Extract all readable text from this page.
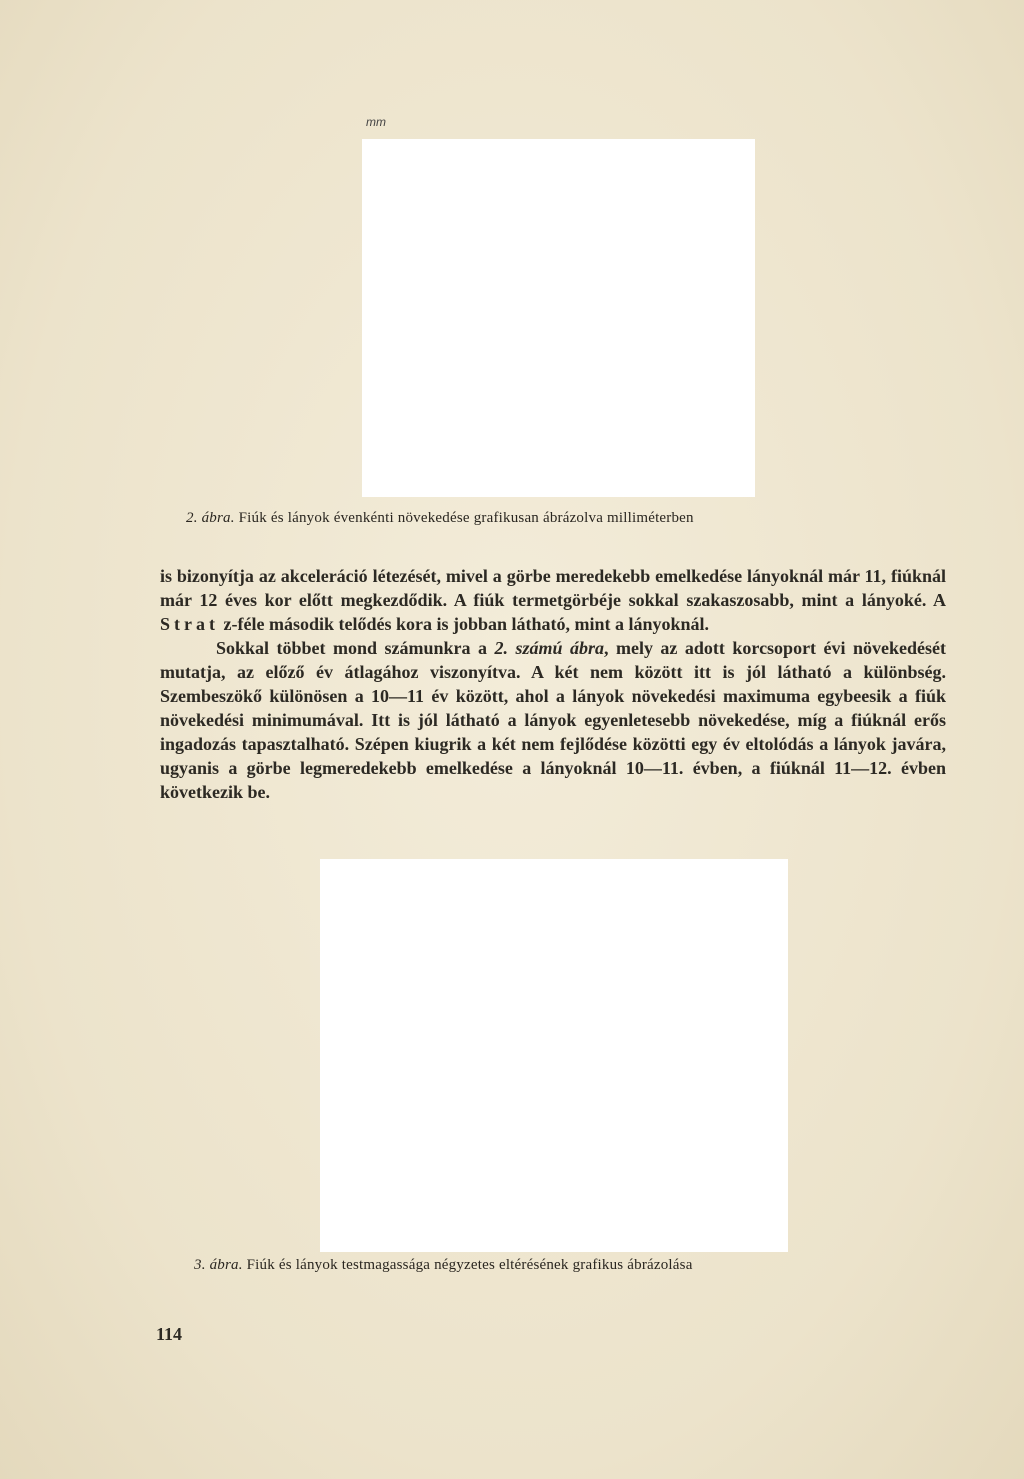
mm
2. ábra. Fiúk és lányok évenkénti növekedése grafikusan ábrázolva milliméterben

is bizonyítja az akceleráció létezését, mivel a görbe meredekebb emelkedése lányoknál már 11, fiúknál már 12 éves kor előtt megkezdődik. A fiúk termetgörbéje sokkal szakaszosabb, mint a lányoké. A Strat z-féle második telődés kora is jobban látható, mint a lányoknál.

Sokkal többet mond számunkra a 2. számú ábra, mely az adott korcsoport évi növekedését mutatja, az előző év átlagához viszonyítva. A két nem között itt is jól látható a különbség. Szembeszökő különösen a 10—11 év között, ahol a lányok növekedési maximuma egybeesik a fiúk növekedési minimumával. Itt is jól látható a lányok egyenletesebb növekedése, míg a fiúknál erős ingadozás tapasztalható. Szépen kiugrik a két nem fejlődése közötti egy év eltolódás a lányok javára, ugyanis a görbe legmeredekebb emelkedése a lányoknál 10—11. évben, a fiúknál 11—12. évben következik be.

3. ábra. Fiúk és lányok testmagassága négyzetes eltérésének grafikus ábrázolása
114
